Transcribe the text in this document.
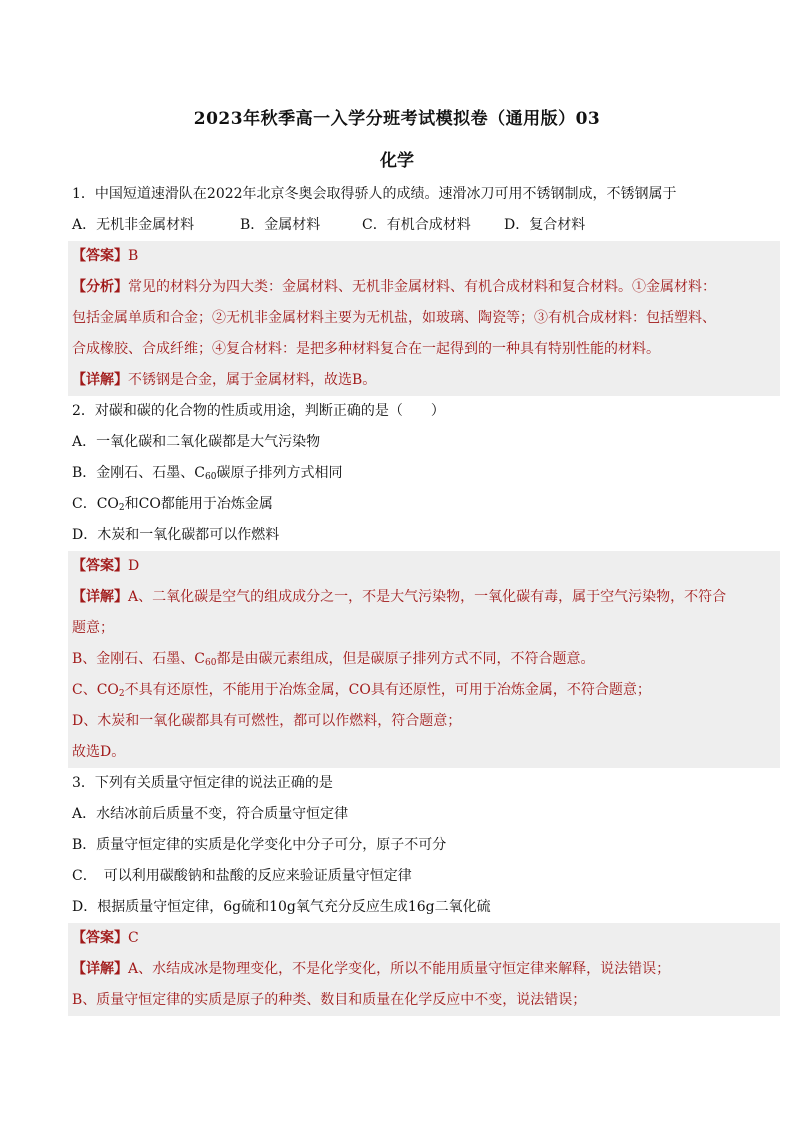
2023年秋季高一入学分班考试模拟卷（通用版）03
化学
1．中国短道速滑队在2022年北京冬奥会取得骄人的成绩。速滑冰刀可用不锈钢制成，不锈钢属于
A．无机非金属材料	B．金属材料	C．有机合成材料 D．复合材料
【答案】B
【分析】常见的材料分为四大类：金属材料、无机非金属材料、有机合成材料和复合材料。①金属材料：
包括金属单质和合金；②无机非金属材料主要为无机盐，如玻璃、陶瓷等；③有机合成材料：包括塑料、
合成橡胶、合成纤维；④复合材料：是把多种材料复合在一起得到的一种具有特别性能的材料。
【详解】不锈钢是合金，属于金属材料，故选B。
2．对碳和碳的化合物的性质或用途，判断正确的是（　　）
A．一氧化碳和二氧化碳都是大气污染物
B．金刚石、石墨、$C_{60}$碳原子排列方式相同
C．$CO_2$和CO都能用于冶炼金属
D．木炭和一氧化碳都可以作燃料
【答案】D
【详解】A、二氧化碳是空气的组成成分之一，不是大气污染物，一氧化碳有毒，属于空气污染物，不符合
题意；
B、金刚石、石墨、$C_{60}$都是由碳元素组成，但是碳原子排列方式不同，不符合题意。
C、$CO_2$不具有还原性，不能用于冶炼金属，CO具有还原性，可用于冶炼金属，不符合题意；
D、木炭和一氧化碳都具有可燃性，都可以作燃料，符合题意；
故选D。
3．下列有关质量守恒定律的说法正确的是
A．水结冰前后质量不变，符合质量守恒定律
B．质量守恒定律的实质是化学变化中分子可分，原子不可分
C．　可以利用碳酸钠和盐酸的反应来验证质量守恒定律
D．根据质量守恒定律，6g硫和10g氧气充分反应生成16g二氧化硫
【答案】C
【详解】A、水结成冰是物理变化，不是化学变化，所以不能用质量守恒定律来解释，说法错误；
B、质量守恒定律的实质是原子的种类、数目和质量在化学反应中不变，说法错误；
